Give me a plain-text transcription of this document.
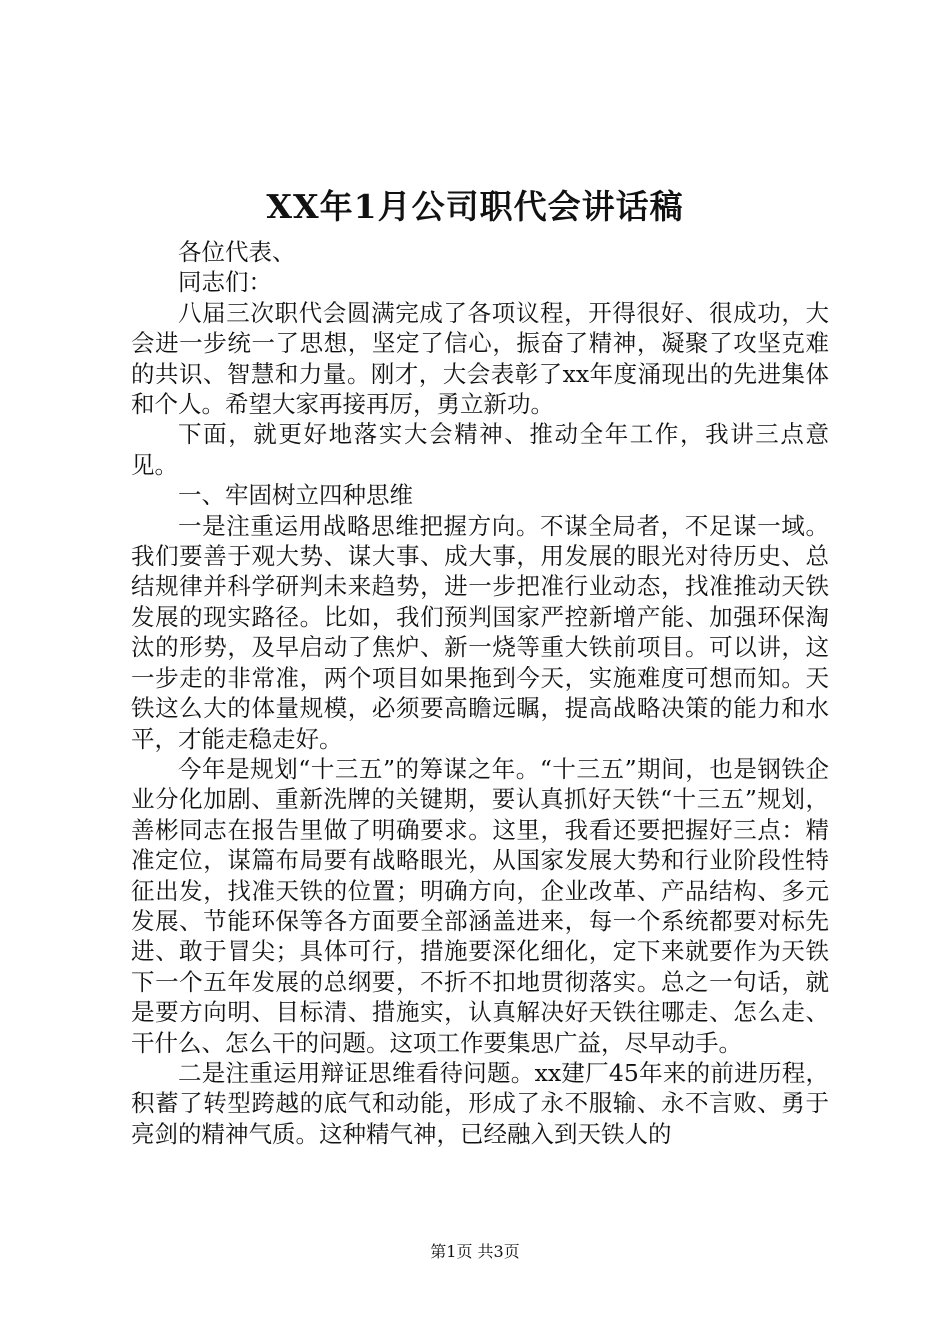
XX年1月公司职代会讲话稿

各位代表、

同志们：

八届三次职代会圆满完成了各项议程，开得很好、很成功，大会进一步统一了思想，坚定了信心，振奋了精神，凝聚了攻坚克难的共识、智慧和力量。刚才，大会表彰了xx年度涌现出的先进集体和个人。希望大家再接再厉，勇立新功。

下面，就更好地落实大会精神、推动全年工作，我讲三点意见。

一、牢固树立四种思维

一是注重运用战略思维把握方向。不谋全局者，不足谋一域。我们要善于观大势、谋大事、成大事，用发展的眼光对待历史、总结规律并科学研判未来趋势，进一步把准行业动态，找准推动天铁发展的现实路径。比如，我们预判国家严控新增产能、加强环保淘汰的形势，及早启动了焦炉、新一烧等重大铁前项目。可以讲，这一步走的非常准，两个项目如果拖到今天，实施难度可想而知。天铁这么大的体量规模，必须要高瞻远瞩，提高战略决策的能力和水平，才能走稳走好。

今年是规划“十三五”的筹谋之年。“十三五”期间，也是钢铁企业分化加剧、重新洗牌的关键期，要认真抓好天铁“十三五”规划，善彬同志在报告里做了明确要求。这里，我看还要把握好三点：精准定位，谋篇布局要有战略眼光，从国家发展大势和行业阶段性特征出发，找准天铁的位置；明确方向，企业改革、产品结构、多元发展、节能环保等各方面要全部涵盖进来，每一个系统都要对标先进、敢于冒尖；具体可行，措施要深化细化，定下来就要作为天铁下一个五年发展的总纲要，不折不扣地贯彻落实。总之一句话，就是要方向明、目标清、措施实，认真解决好天铁往哪走、怎么走、干什么、怎么干的问题。这项工作要集思广益，尽早动手。

二是注重运用辩证思维看待问题。xx建厂45年来的前进历程，积蓄了转型跨越的底气和动能，形成了永不服输、永不言败、勇于亮剑的精神气质。这种精气神，已经融入到天铁人的

第1页 共3页
